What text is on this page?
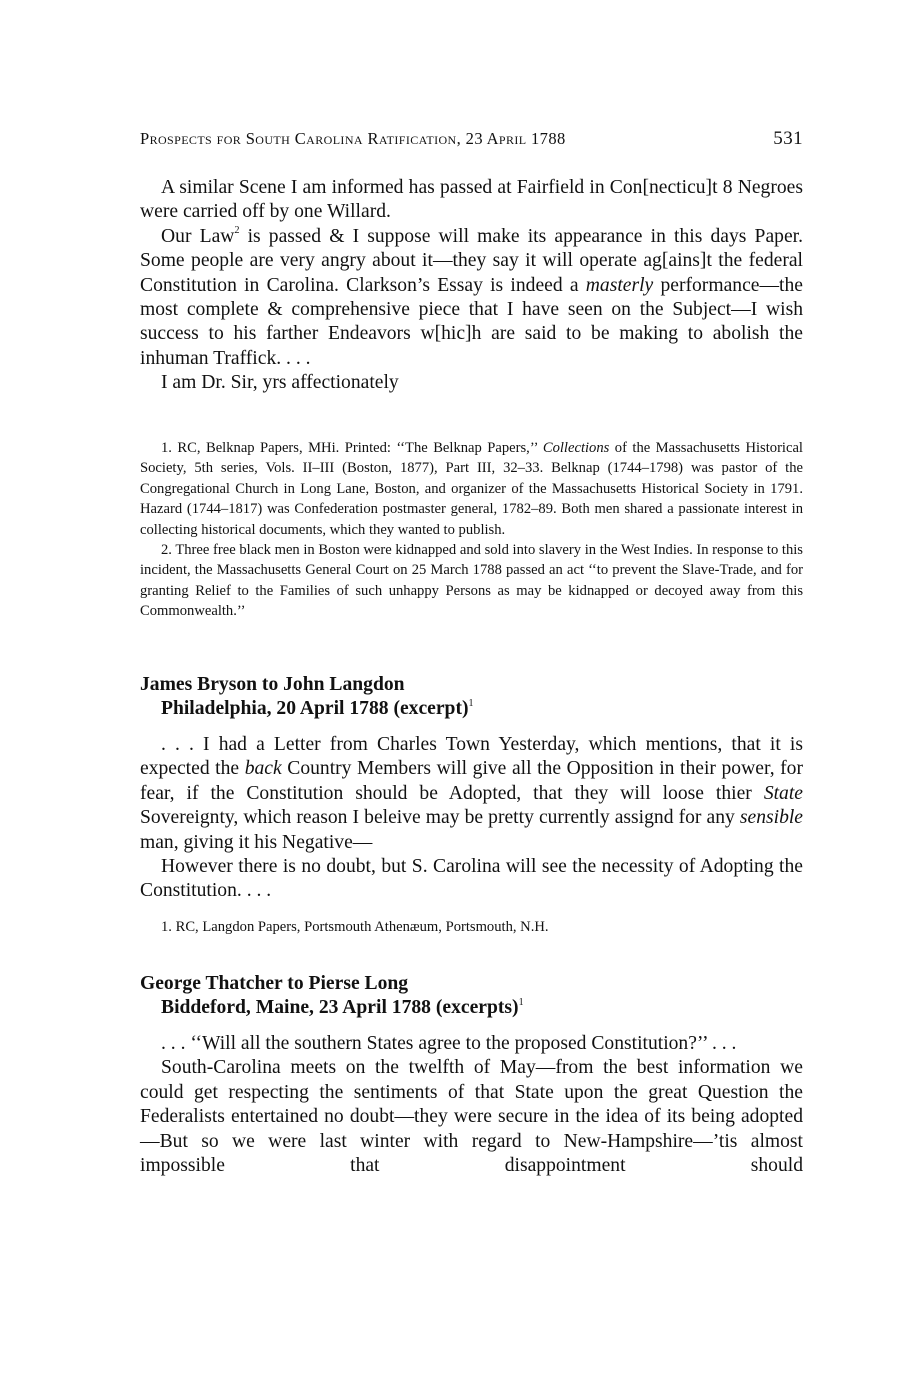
Prospects for South Carolina Ratification, 23 April 1788	531

A similar Scene I am informed has passed at Fairfield in Con[necticu]t 8 Negroes were carried off by one Willard.

Our Law$^2$ is passed & I suppose will make its appearance in this days Paper. Some people are very angry about it—they say it will operate ag[ains]t the federal Constitution in Carolina. Clarkson’s Essay is indeed a masterly performance—the most complete & comprehensive piece that I have seen on the Subject—I wish success to his farther Endeavors w[hic]h are said to be making to abolish the inhuman Traffick. . . .

I am Dr. Sir, yrs affectionately

1. RC, Belknap Papers, MHi. Printed: ‘‘The Belknap Papers,’’ Collections of the Massachusetts Historical Society, 5th series, Vols. II–III (Boston, 1877), Part III, 32–33. Belknap (1744–1798) was pastor of the Congregational Church in Long Lane, Boston, and organizer of the Massachusetts Historical Society in 1791. Hazard (1744–1817) was Confederation postmaster general, 1782–89. Both men shared a passionate interest in collecting historical documents, which they wanted to publish.

2. Three free black men in Boston were kidnapped and sold into slavery in the West Indies. In response to this incident, the Massachusetts General Court on 25 March 1788 passed an act ‘‘to prevent the Slave-Trade, and for granting Relief to the Families of such unhappy Persons as may be kidnapped or decoyed away from this Commonwealth.’’

James Bryson to John Langdon

Philadelphia, 20 April 1788 (excerpt)$^1$

. . . I had a Letter from Charles Town Yesterday, which mentions, that it is expected the back Country Members will give all the Opposition in their power, for fear, if the Constitution should be Adopted, that they will loose thier State Sovereignty, which reason I beleive may be pretty currently assignd for any sensible man, giving it his Negative—

However there is no doubt, but S. Carolina will see the necessity of Adopting the Constitution. . . .

1. RC, Langdon Papers, Portsmouth Athenæum, Portsmouth, N.H.

George Thatcher to Pierse Long

Biddeford, Maine, 23 April 1788 (excerpts)$^1$

. . . ‘‘Will all the southern States agree to the proposed Constitution?’’ . . .

South-Carolina meets on the twelfth of May—from the best information we could get respecting the sentiments of that State upon the great Question the Federalists entertained no doubt—they were secure in the idea of its being adopted—But so we were last winter with regard to New-Hampshire—’tis almost impossible that disappointment should
